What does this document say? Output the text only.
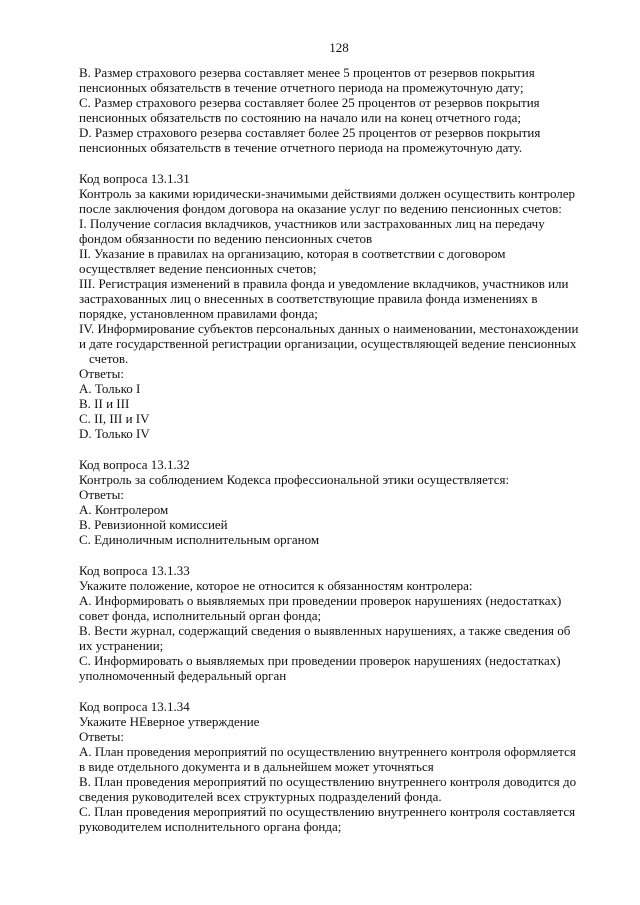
128
B. Размер страхового резерва составляет менее 5 процентов от резервов покрытия
пенсионных обязательств в течение отчетного периода на промежуточную дату;
C. Размер страхового резерва составляет более 25 процентов от резервов покрытия
пенсионных обязательств по состоянию на начало или на конец отчетного года;
D. Размер страхового резерва составляет более 25 процентов от резервов покрытия
пенсионных обязательств в течение отчетного периода на промежуточную дату.
Код вопроса 13.1.31
Контроль за какими юридически-значимыми действиями должен осуществить контролер
после заключения фондом договора на оказание услуг по ведению пенсионных счетов:
I. Получение согласия вкладчиков, участников или застрахованных лиц на передачу
фондом обязанности по ведению пенсионных счетов
II. Указание в правилах на организацию, которая в соответствии с договором
осуществляет ведение пенсионных счетов;
III. Регистрация изменений в правила фонда и уведомление вкладчиков, участников или
застрахованных лиц о внесенных в соответствующие правила фонда изменениях в
порядке, установленном правилами фонда;
IV. Информирование субъектов персональных данных о наименовании, местонахождении
и дате государственной регистрации организации, осуществляющей ведение пенсионных
счетов.
Ответы:
A. Только I
B. II и III
C. II, III и IV
D. Только IV
Код вопроса 13.1.32
Контроль за соблюдением Кодекса профессиональной этики осуществляется:
Ответы:
A. Контролером
B. Ревизионной комиссией
C. Единоличным исполнительным органом
Код вопроса 13.1.33
Укажите положение, которое не относится к обязанностям контролера:
A. Информировать о выявляемых при проведении проверок нарушениях (недостатках)
совет фонда, исполнительный орган фонда;
B. Вести журнал, содержащий сведения о выявленных нарушениях, а также сведения об
их устранении;
C. Информировать о выявляемых при проведении проверок нарушениях (недостатках)
уполномоченный федеральный орган
Код вопроса 13.1.34
Укажите НЕверное утверждение
Ответы:
A. План проведения мероприятий по осуществлению внутреннего контроля оформляется
в виде отдельного документа и в дальнейшем может уточняться
B. План проведения мероприятий по осуществлению внутреннего контроля доводится до
сведения руководителей всех структурных подразделений фонда.
C. План проведения мероприятий по осуществлению внутреннего контроля составляется
руководителем исполнительного органа фонда;
